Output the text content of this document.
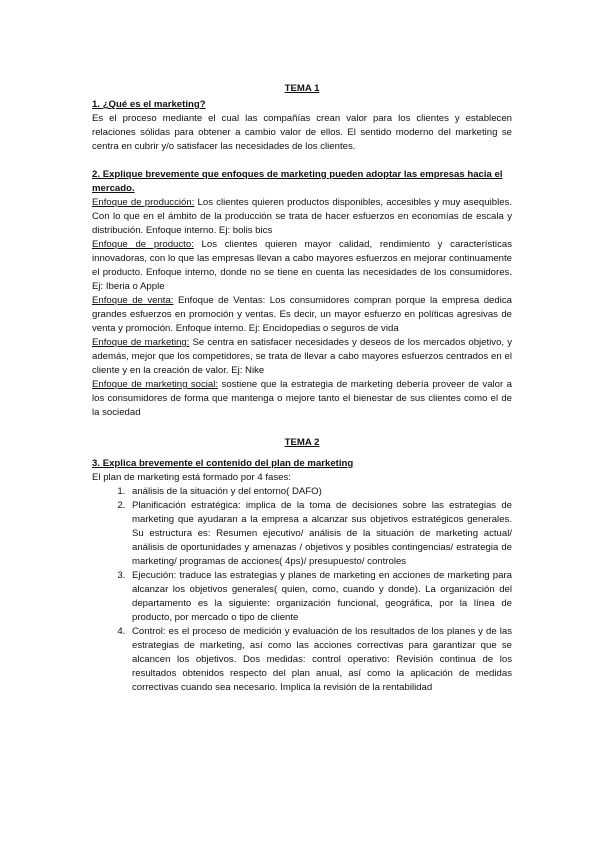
TEMA 1
1. ¿Qué es el marketing?

Es el proceso mediante el cual las compañías crean valor para los clientes y establecen relaciones sólidas para obtener a cambio valor de ellos. El sentido moderno del marketing se centra en cubrir y/o satisfacer las necesidades de los clientes.

2. Explique brevemente que enfoques de marketing pueden adoptar las empresas hacia el mercado.

Enfoque de producción: Los clientes quieren productos disponibles, accesibles y muy asequibles. Con lo que en el ámbito de la producción se trata de hacer esfuerzos en economías de escala y distribución. Enfoque interno. Ej: bolis bics

Enfoque de producto: Los clientes quieren mayor calidad, rendimiento y características innovadoras, con lo que las empresas llevan a cabo mayores esfuerzos en mejorar continuamente el producto. Enfoque interno, donde no se tiene en cuenta las necesidades de los consumidores. Ej: Iberia o Apple

Enfoque de venta: Enfoque de Ventas: Los consumidores compran porque la empresa dedica grandes esfuerzos en promoción y ventas. Es decir, un mayor esfuerzo en políticas agresivas de venta y promoción. Enfoque interno. Ej: Encidopedias o seguros de vida

Enfoque de marketing: Se centra en satisfacer necesidades y deseos de los mercados objetivo, y además, mejor que los competidores, se trata de llevar a cabo mayores esfuerzos centrados en el cliente y en la creación de valor. Ej: Nike

Enfoque de marketing social: sostiene que la estrategia de marketing debería proveer de valor a los consumidores de forma que mantenga o mejore tanto el bienestar de sus clientes como el de la sociedad

TEMA 2
3. Explica brevemente el contenido del plan de marketing

El plan de marketing está formado por 4 fases:

1. análisis de la situación y del entorno( DAFO)
2. Planificación estratégica: implica de la toma de decisiones sobre las estrategias de marketing que ayudaran a la empresa a alcanzar sus objetivos estratégicos generales. Su estructura es: Resumen ejecutivo/ análisis de la situación de marketing actual/ análisis de oportunidades y amenazas / objetivos y posibles contingencias/ estrategia de marketing/ programas de acciones( 4ps)/ presupuesto/ controles
3. Ejecución: traduce las estrategias y planes de marketing en acciones de marketing para alcanzar los objetivos generales( quien, como, cuando y donde). La organización del departamento es la siguiente: organización funcional, geográfica, por la línea de producto, por mercado o tipo de cliente
4. Control: es el proceso de medición y evaluación de los resultados de los planes y de las estrategias de marketing, así como las acciones correctivas para garantizar que se alcancen los objetivos. Dos medidas: control operativo: Revisión continua de los resultados obtenidos respecto del plan anual, así como la aplicación de medidas correctivas cuando sea necesario. Implica la revisión de la rentabilidad
